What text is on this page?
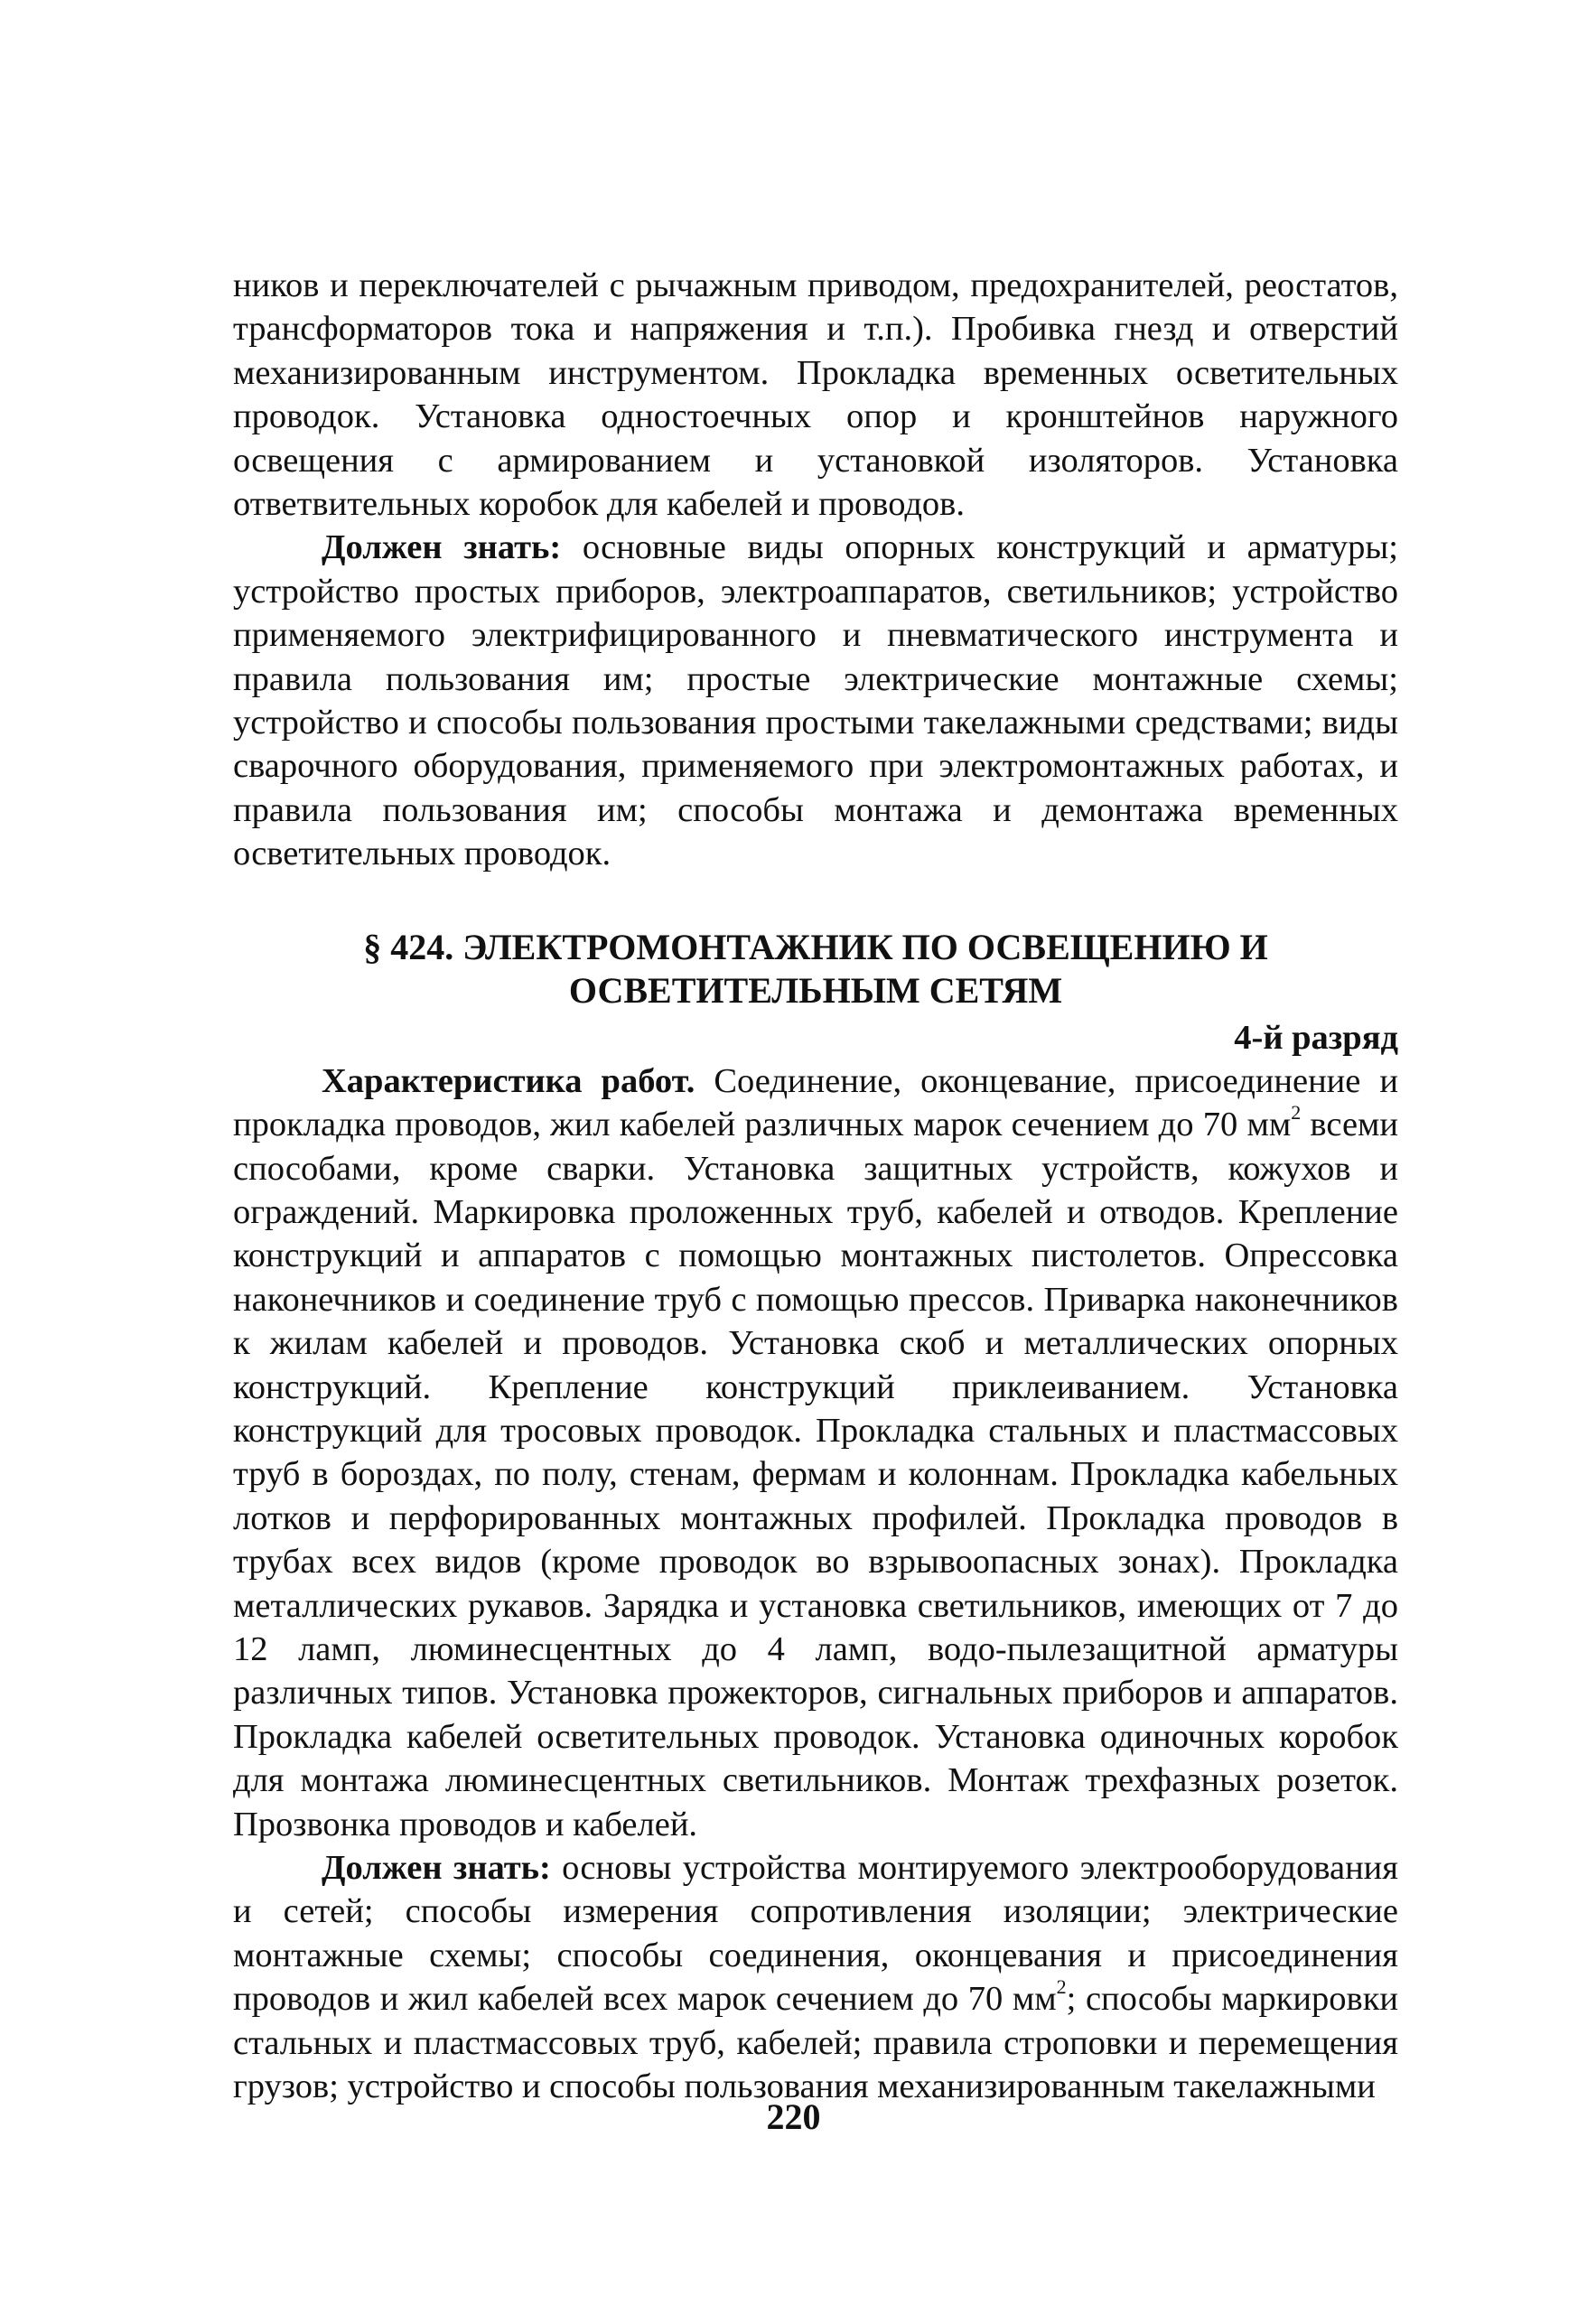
ников и переключателей с рычажным приводом, предохранителей, реостатов, трансформаторов тока и напряжения и т.п.). Пробивка гнезд и отверстий механизированным инструментом. Прокладка временных осветительных проводок. Установка одностоечных опор и кронштейнов наружного освещения с армированием и установкой изоляторов. Установка ответвительных коробок для кабелей и проводов.

Должен знать: основные виды опорных конструкций и арматуры; устройство простых приборов, электроаппаратов, светильников; устройство применяемого электрифицированного и пневматического инструмента и правила пользования им; простые электрические монтажные схемы; устройство и способы пользования простыми такелажными средствами; виды сварочного оборудования, применяемого при электромонтажных работах, и правила пользования им; способы монтажа и демонтажа временных осветительных проводок.

§ 424. ЭЛЕКТРОМОНТАЖНИК ПО ОСВЕЩЕНИЮ И
ОСВЕТИТЕЛЬНЫМ СЕТЯМ

4-й разряд

Характеристика работ. Соединение, оконцевание, присоединение и прокладка проводов, жил кабелей различных марок сечением до 70 $мм^2$ всеми способами, кроме сварки. Установка защитных устройств, кожухов и ограждений. Маркировка проложенных труб, кабелей и отводов. Крепление конструкций и аппаратов с помощью монтажных пистолетов. Опрессовка наконечников и соединение труб с помощью прессов. Приварка наконечников к жилам кабелей и проводов. Установка скоб и металлических опорных конструкций. Крепление конструкций приклеиванием. Установка конструкций для тросовых проводок. Прокладка стальных и пластмассовых труб в бороздах, по полу, стенам, фермам и колоннам. Прокладка кабельных лотков и перфорированных монтажных профилей. Прокладка проводов в трубах всех видов (кроме проводок во взрывоопасных зонах). Прокладка металлических рукавов. Зарядка и установка светильников, имеющих от 7 до 12 ламп, люминесцентных до 4 ламп, водо-пылезащитной арматуры различных типов. Установка прожекторов, сигнальных приборов и аппаратов. Прокладка кабелей осветительных проводок. Установка одиночных коробок для монтажа люминесцентных светильников. Монтаж трехфазных розеток. Прозвонка проводов и кабелей.

Должен знать: основы устройства монтируемого электрооборудования и сетей; способы измерения сопротивления изоляции; электрические монтажные схемы; способы соединения, оконцевания и присоединения проводов и жил кабелей всех марок сечением до 70 $мм^2$; способы маркировки стальных и пластмассовых труб, кабелей; правила строповки и перемещения грузов; устройство и способы пользования механизированным такелажными

220
